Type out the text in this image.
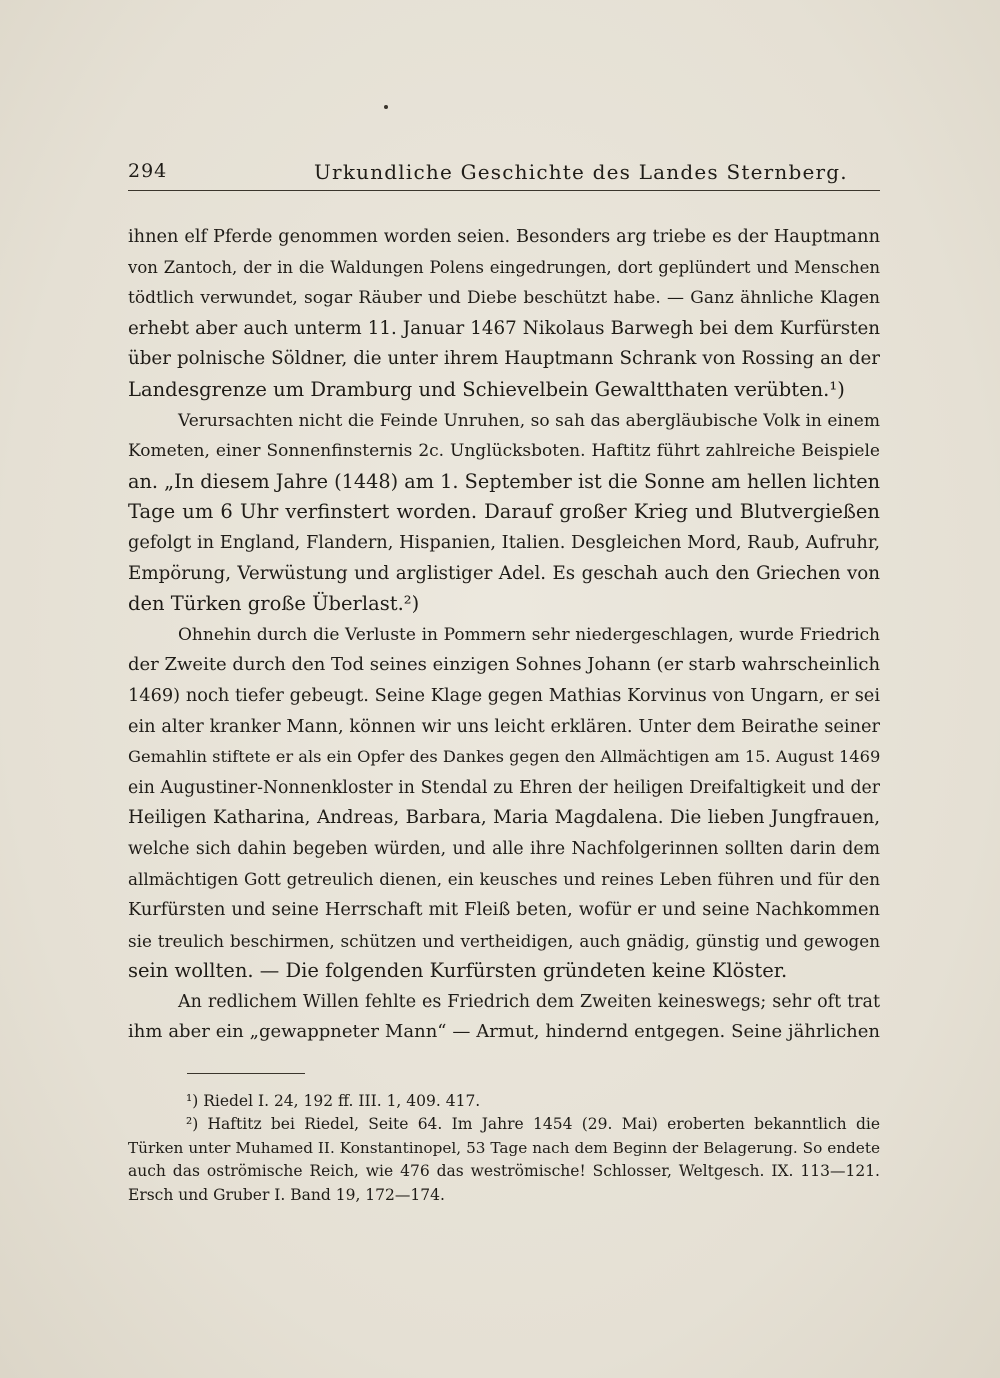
294	Urkundliche Geschichte des Landes Sternberg.
ihnen elf Pferde genommen worden seien. Besonders arg triebe es der Hauptmann
von Zantoch, der in die Waldungen Polens eingedrungen, dort geplündert und Menschen
tödtlich verwundet, sogar Räuber und Diebe beschützt habe. — Ganz ähnliche Klagen
erhebt aber auch unterm 11. Januar 1467 Nikolaus Barwegh bei dem Kurfürsten
über polnische Söldner, die unter ihrem Hauptmann Schrank von Rossing an der
Landesgrenze um Dramburg und Schievelbein Gewaltthaten verübten.¹)
Verursachten nicht die Feinde Unruhen, so sah das abergläubische Volk in einem
Kometen, einer Sonnenfinsternis 2c. Unglücksboten. Haftitz führt zahlreiche Beispiele
an. „In diesem Jahre (1448) am 1. September ist die Sonne am hellen lichten
Tage um 6 Uhr verfinstert worden. Darauf großer Krieg und Blutvergießen
gefolgt in England, Flandern, Hispanien, Italien. Desgleichen Mord, Raub, Aufruhr,
Empörung, Verwüstung und arglistiger Adel. Es geschah auch den Griechen von
den Türken große Überlast.²)
Ohnehin durch die Verluste in Pommern sehr niedergeschlagen, wurde Friedrich
der Zweite durch den Tod seines einzigen Sohnes Johann (er starb wahrscheinlich
1469) noch tiefer gebeugt. Seine Klage gegen Mathias Korvinus von Ungarn, er sei
ein alter kranker Mann, können wir uns leicht erklären. Unter dem Beirathe seiner
Gemahlin stiftete er als ein Opfer des Dankes gegen den Allmächtigen am 15. August 1469
ein Augustiner-Nonnenkloster in Stendal zu Ehren der heiligen Dreifaltigkeit und der
Heiligen Katharina, Andreas, Barbara, Maria Magdalena. Die lieben Jungfrauen,
welche sich dahin begeben würden, und alle ihre Nachfolgerinnen sollten darin dem
allmächtigen Gott getreulich dienen, ein keusches und reines Leben führen und für den
Kurfürsten und seine Herrschaft mit Fleiß beten, wofür er und seine Nachkommen
sie treulich beschirmen, schützen und vertheidigen, auch gnädig, günstig und gewogen
sein wollten. — Die folgenden Kurfürsten gründeten keine Klöster.
An redlichem Willen fehlte es Friedrich dem Zweiten keineswegs; sehr oft trat
ihm aber ein „gewappneter Mann“ — Armut, hindernd entgegen. Seine jährlichen
¹) Riedel I. 24, 192 ff. III. 1, 409. 417.
²) Haftitz bei Riedel, Seite 64. Im Jahre 1454 (29. Mai) eroberten bekanntlich die
Türken unter Muhamed II. Konstantinopel, 53 Tage nach dem Beginn der Belagerung. So endete
auch das oströmische Reich, wie 476 das weströmische! Schlosser, Weltgesch. IX. 113—121.
Ersch und Gruber I. Band 19, 172—174.
